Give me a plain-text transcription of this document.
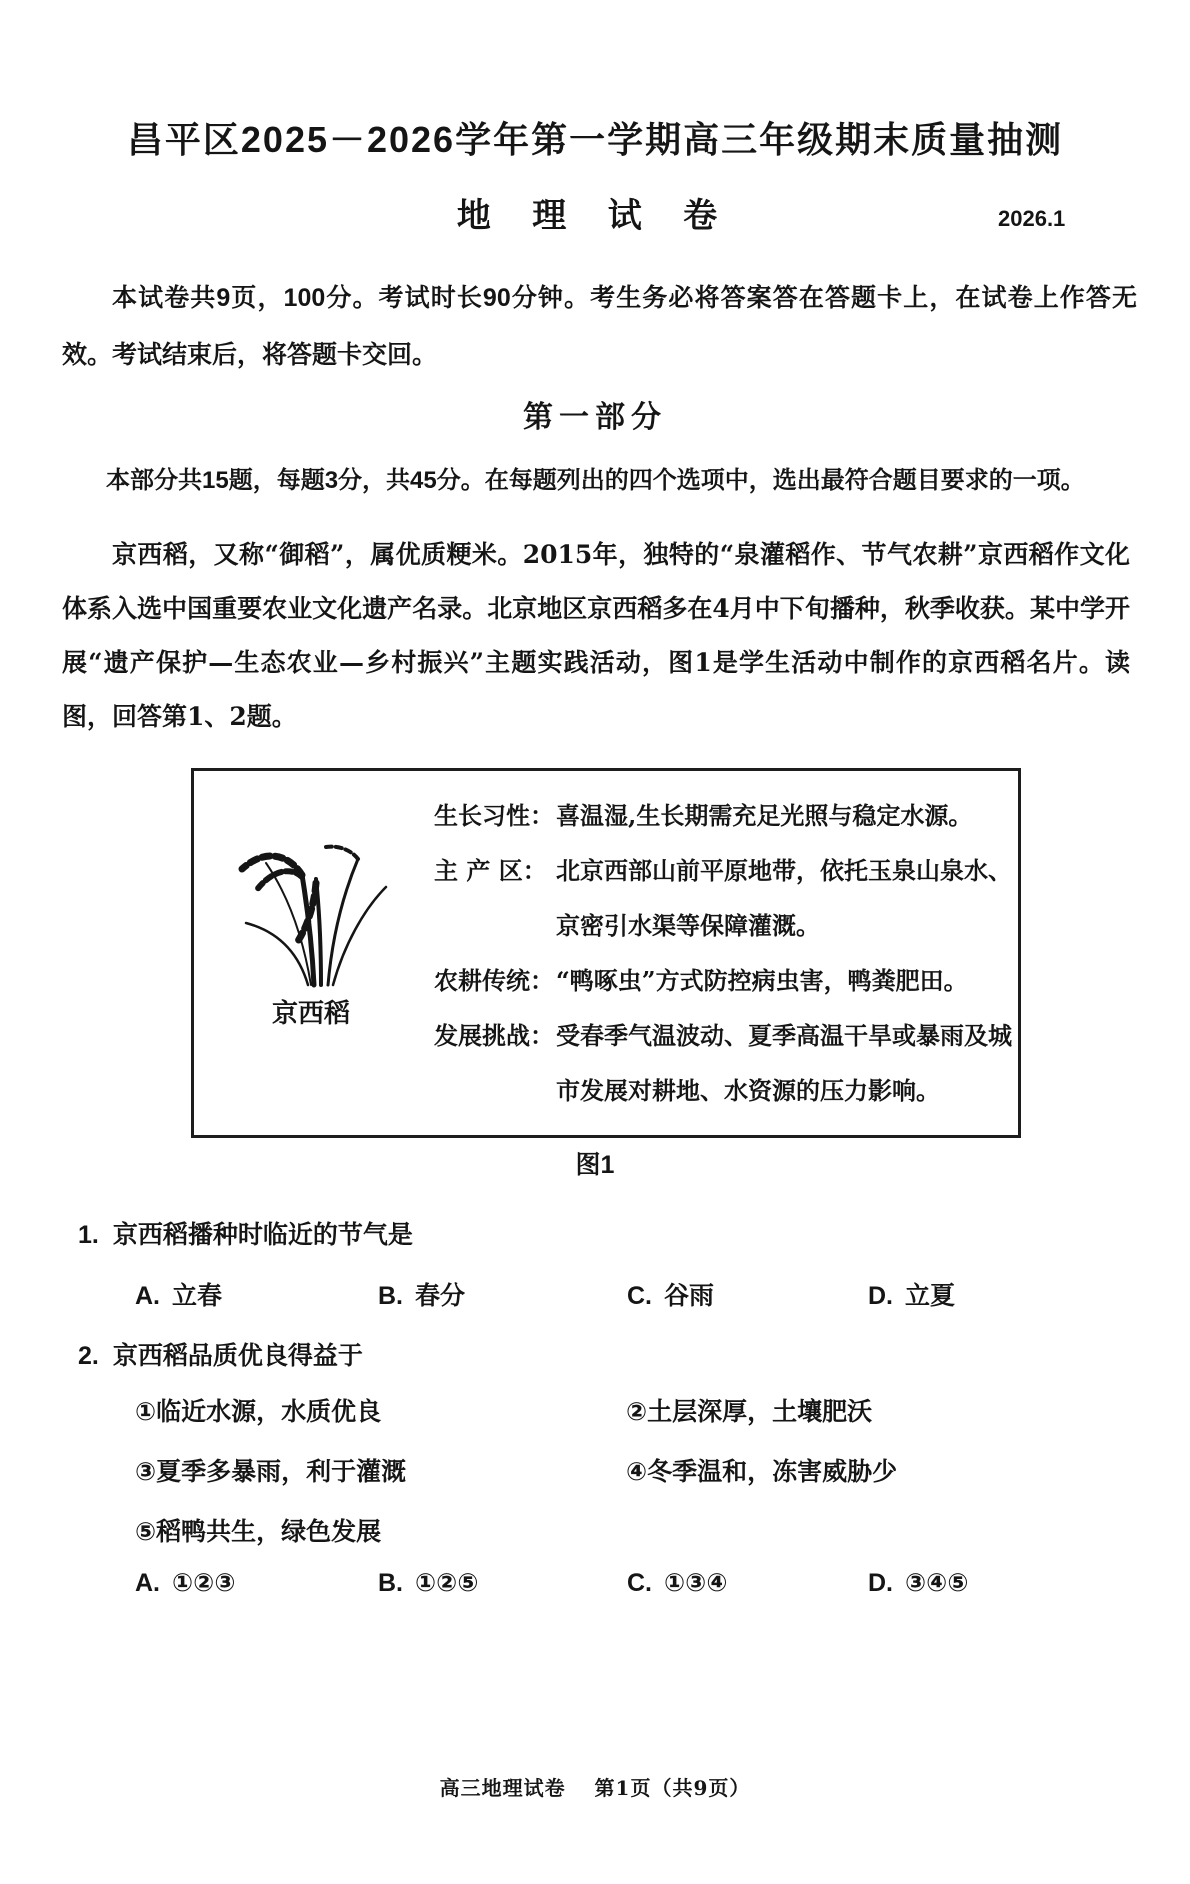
昌平区2025－2026学年第一学期高三年级期末质量抽测
地 理 试 卷	2026.1
本试卷共9页，100分。考试时长90分钟。考生务必将答案答在答题卡上，在试卷上作答无效。考试结束后，将答题卡交回。
第一部分
本部分共15题，每题3分，共45分。在每题列出的四个选项中，选出最符合题目要求的一项。
京西稻，又称“御稻”，属优质粳米。2015年，独特的“泉灌稻作、节气农耕”京西稻作文化体系入选中国重要农业文化遗产名录。北京地区京西稻多在4月中下旬播种，秋季收获。某中学开展“遗产保护—生态农业—乡村振兴”主题实践活动，图1是学生活动中制作的京西稻名片。读图，回答第1、2题。
京西稻
生长习性：喜温湿,生长期需充足光照与稳定水源。
主 产 区： 北京西部山前平原地带，依托玉泉山泉水、
京密引水渠等保障灌溉。
农耕传统：“鸭啄虫”方式防控病虫害，鸭粪肥田。
发展挑战：受春季气温波动、夏季高温干旱或暴雨及城
市发展对耕地、水资源的压力影响。
图1
1. 京西稻播种时临近的节气是
A. 立春	B. 春分	C. 谷雨	D. 立夏
2. 京西稻品质优良得益于
①临近水源，水质优良	②土层深厚，土壤肥沃
③夏季多暴雨，利于灌溉	④冬季温和，冻害威胁少
⑤稻鸭共生，绿色发展
A. ①②③	B. ①②⑤	C. ①③④	D. ③④⑤
高三地理试卷　 第1页（共9页）
